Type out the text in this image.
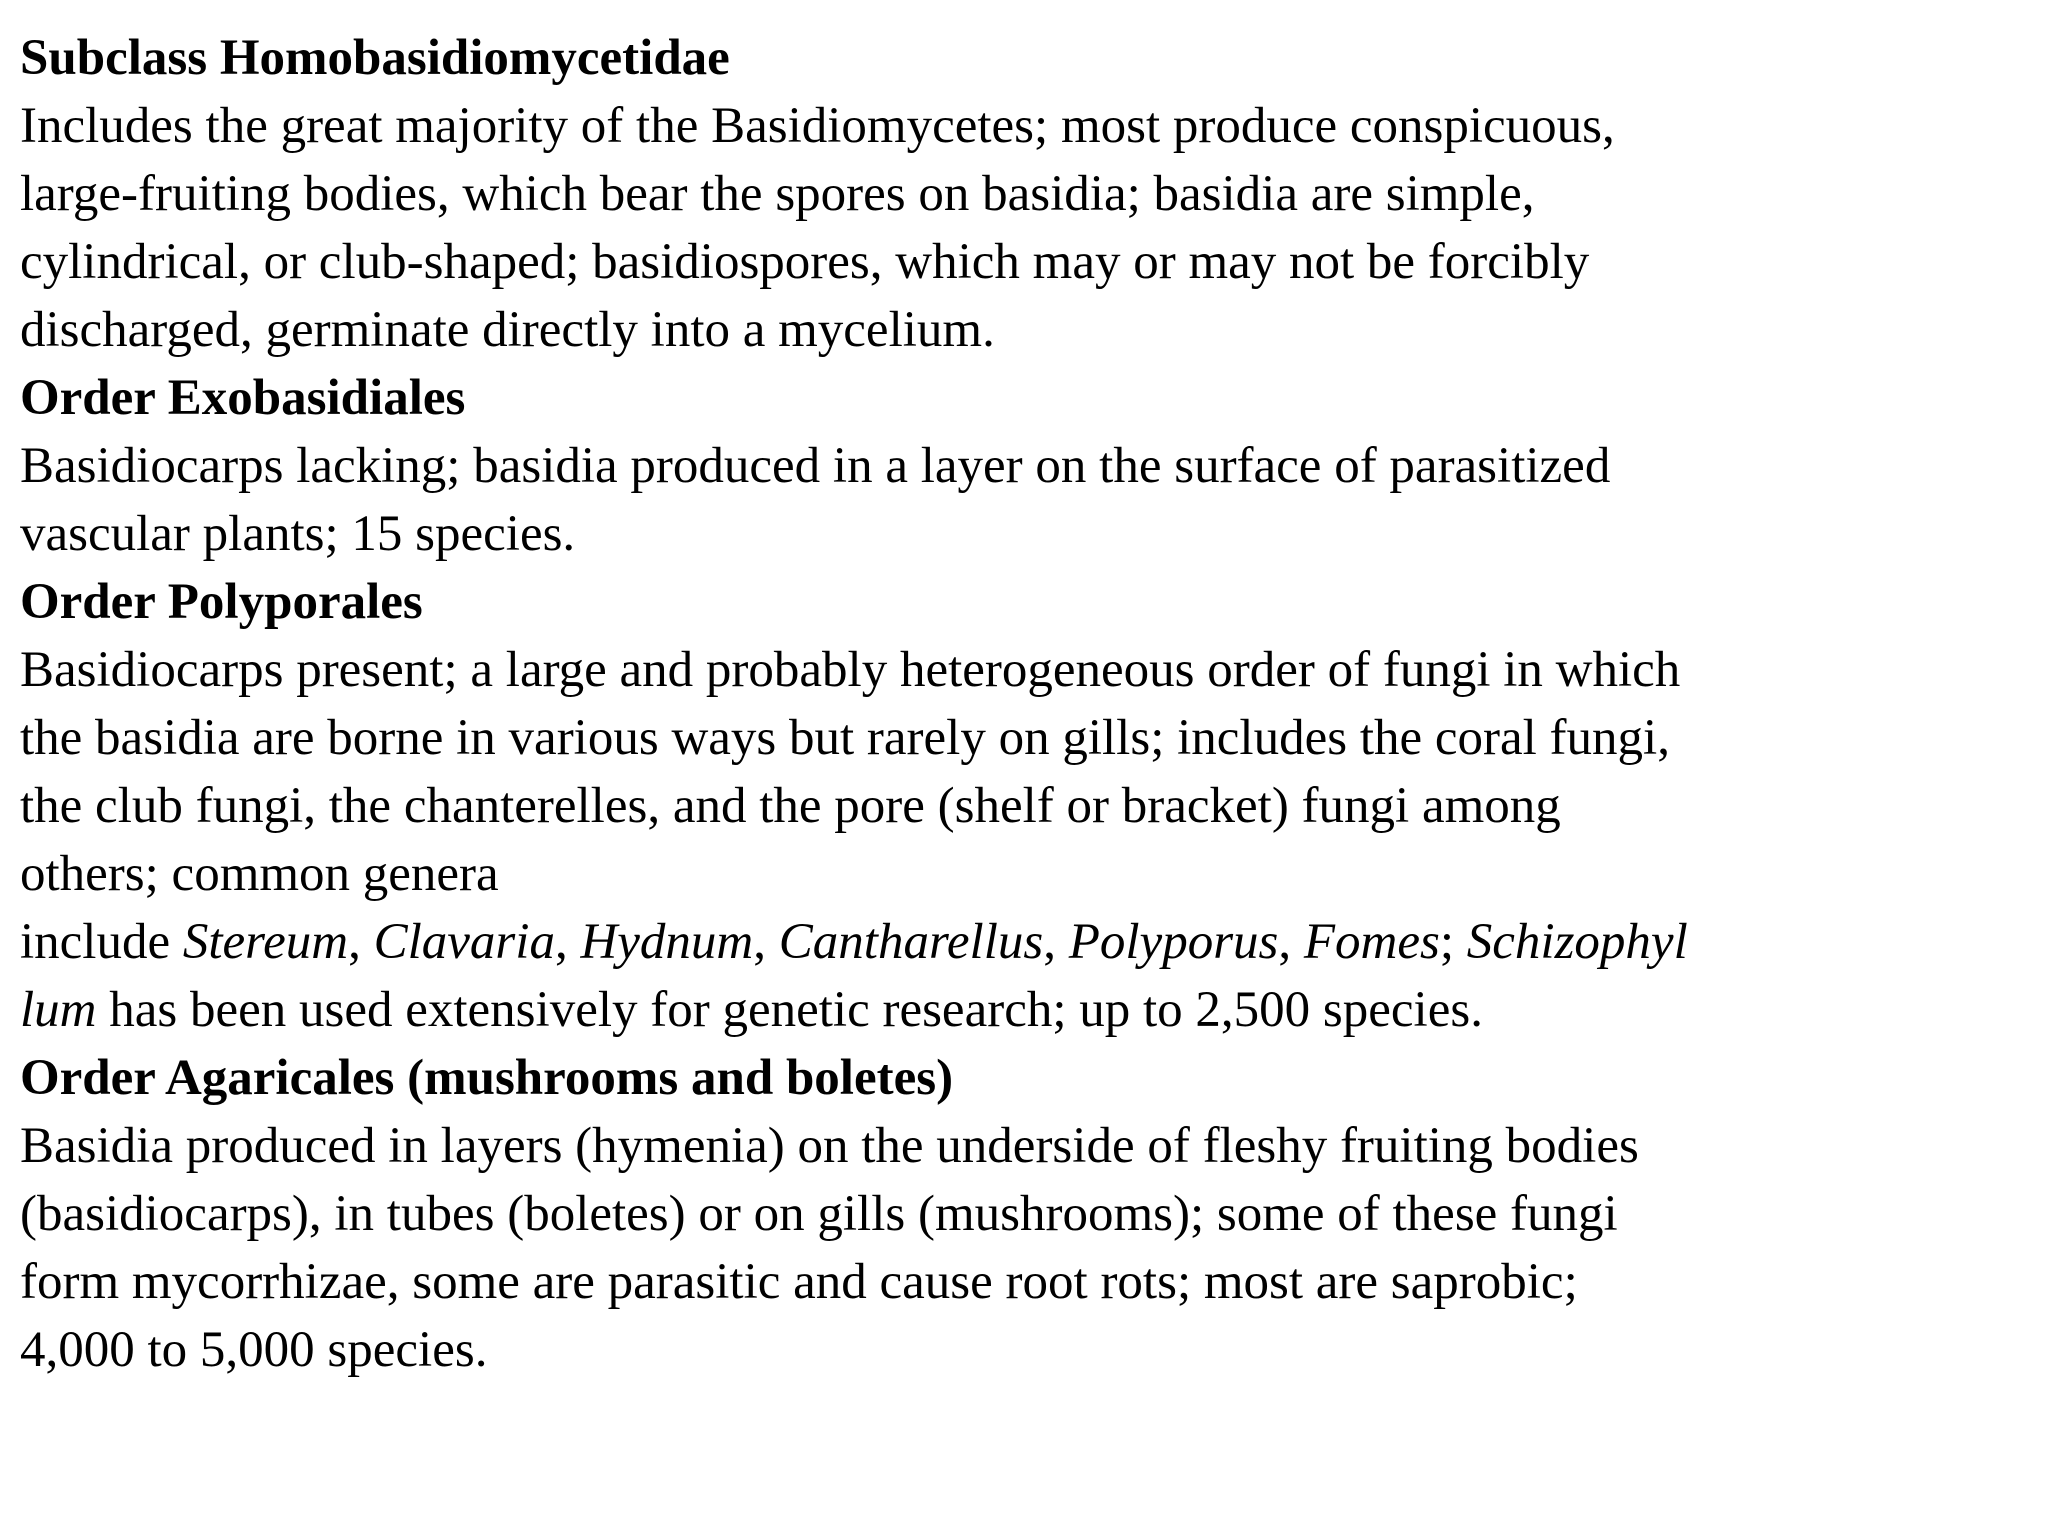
Subclass Homobasidiomycetidae
Includes the great majority of the Basidiomycetes; most produce conspicuous,
large-fruiting bodies, which bear the spores on basidia; basidia are simple,
cylindrical, or club-shaped; basidiospores, which may or may not be forcibly
discharged, germinate directly into a mycelium.
Order Exobasidiales
Basidiocarps lacking; basidia produced in a layer on the surface of parasitized
vascular plants; 15 species.
Order Polyporales
Basidiocarps present; a large and probably heterogeneous order of fungi in which
the basidia are borne in various ways but rarely on gills; includes the coral fungi,
the club fungi, the chanterelles, and the pore (shelf or bracket) fungi among
others; common genera
include Stereum, Clavaria, Hydnum, Cantharellus, Polyporus, Fomes; Schizophyl
lum has been used extensively for genetic research; up to 2,500 species.
Order Agaricales (mushrooms and boletes)
Basidia produced in layers (hymenia) on the underside of fleshy fruiting bodies
(basidiocarps), in tubes (boletes) or on gills (mushrooms); some of these fungi
form mycorrhizae, some are parasitic and cause root rots; most are saprobic;
4,000 to 5,000 species.
